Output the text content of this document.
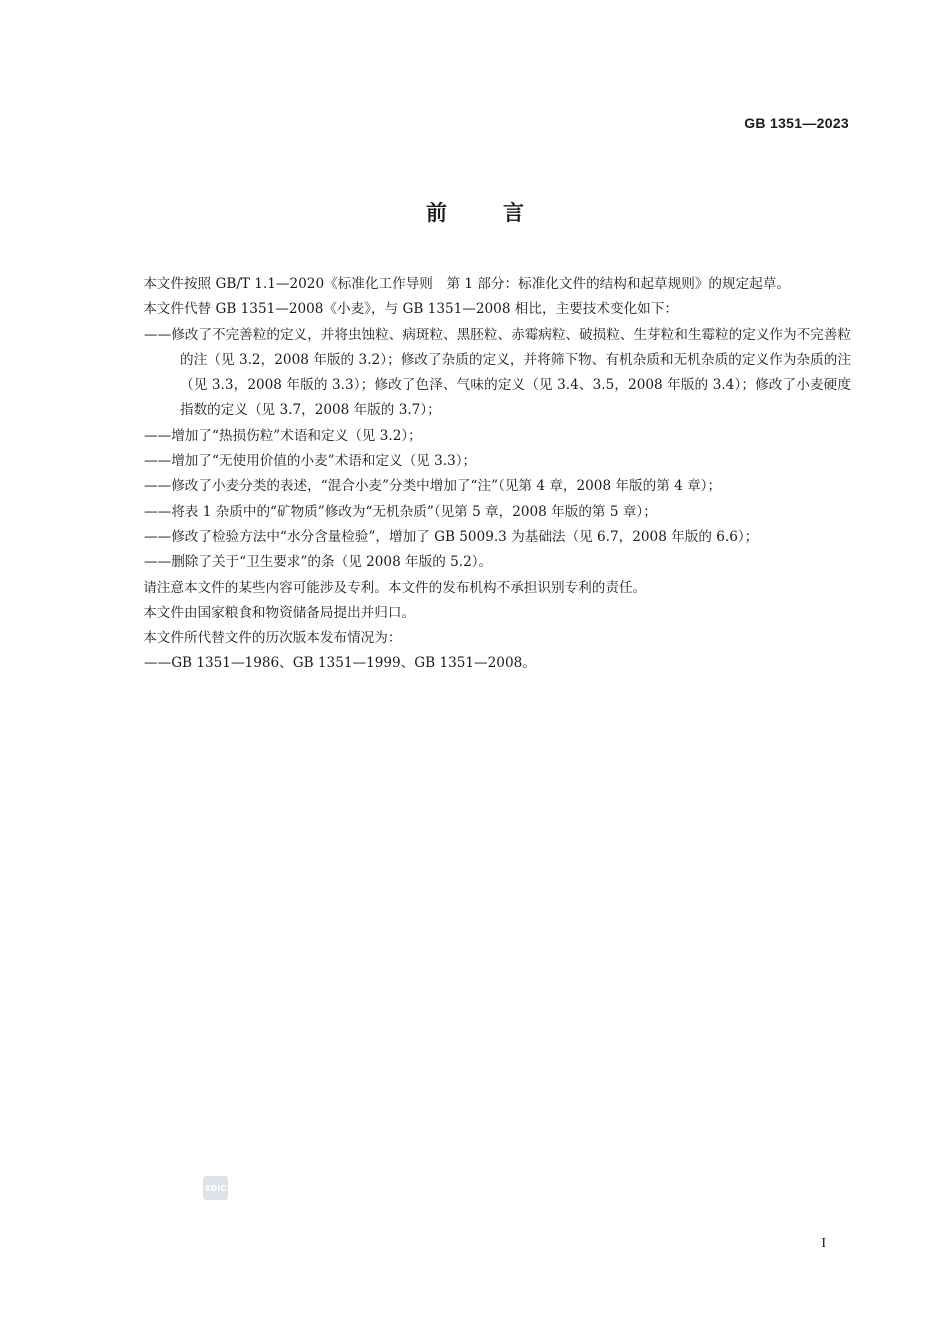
GB 1351—2023
前言

本文件按照 GB/T 1.1—2020《标准化工作导则　第 1 部分：标准化文件的结构和起草规则》的规定起草。

本文件代替 GB 1351—2008《小麦》，与 GB 1351—2008 相比，主要技术变化如下：

——修改了不完善粒的定义，并将虫蚀粒、病斑粒、黑胚粒、赤霉病粒、破损粒、生芽粒和生霉粒的定义作为不完善粒的注（见 3.2，2008 年版的 3.2）；修改了杂质的定义，并将筛下物、有机杂质和无机杂质的定义作为杂质的注（见 3.3，2008 年版的 3.3）；修改了色泽、气味的定义（见 3.4、3.5，2008 年版的 3.4）；修改了小麦硬度指数的定义（见 3.7，2008 年版的 3.7）；

——增加了“热损伤粒”术语和定义（见 3.2）；

——增加了“无使用价值的小麦”术语和定义（见 3.3）；

——修改了小麦分类的表述，“混合小麦”分类中增加了“注”（见第 4 章，2008 年版的第 4 章）；

——将表 1 杂质中的“矿物质”修改为“无机杂质”（见第 5 章，2008 年版的第 5 章）；

——修改了检验方法中“水分含量检验”，增加了 GB 5009.3 为基础法（见 6.7，2008 年版的 6.6）；

——删除了关于“卫生要求”的条（见 2008 年版的 5.2）。

请注意本文件的某些内容可能涉及专利。本文件的发布机构不承担识别专利的责任。

本文件由国家粮食和物资储备局提出并归口。

本文件所代替文件的历次版本发布情况为：

——GB 1351—1986、GB 1351—1999、GB 1351—2008。

SDIC
I
